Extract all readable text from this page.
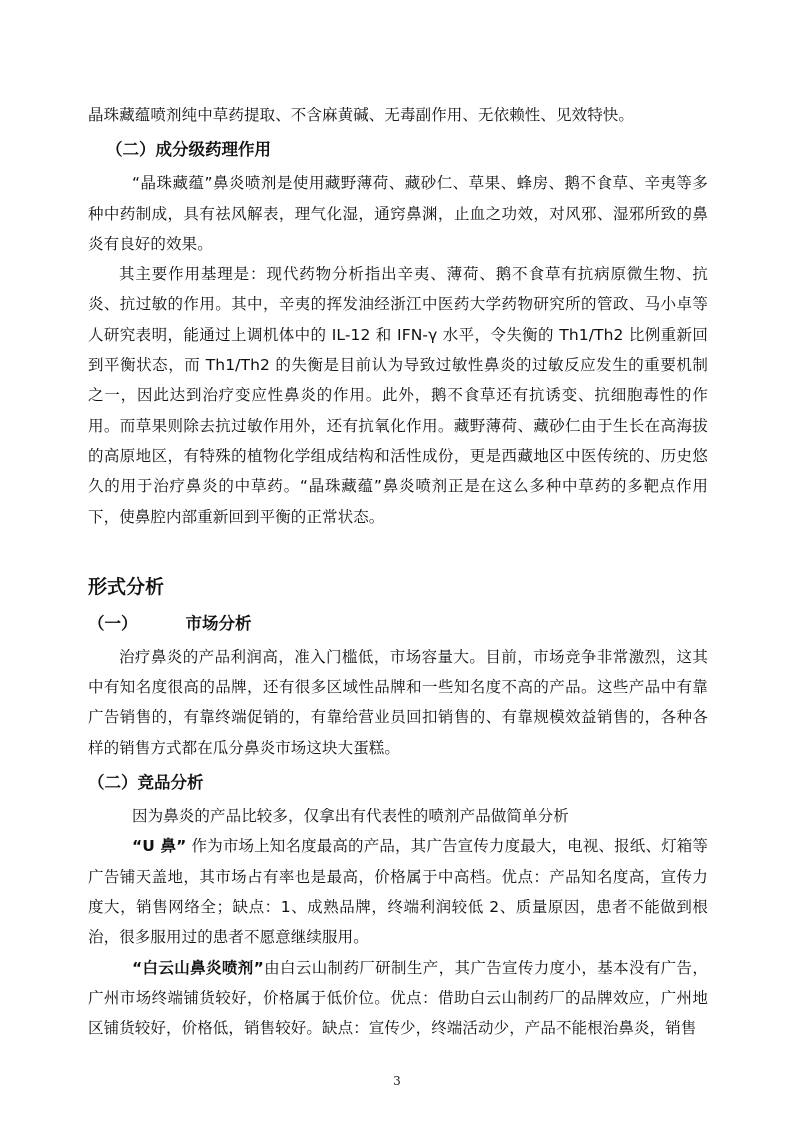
晶珠藏蕴喷剂纯中草药提取、不含麻黄碱、无毒副作用、无依赖性、见效特快。

（二）成分级药理作用

“晶珠藏蕴”鼻炎喷剂是使用藏野薄荷、藏砂仁、草果、蜂房、鹅不食草、辛夷等多种中药制成，具有祛风解表，理气化湿，通窍鼻渊，止血之功效，对风邪、湿邪所致的鼻炎有良好的效果。

其主要作用基理是：现代药物分析指出辛夷、薄荷、鹅不食草有抗病原微生物、抗炎、抗过敏的作用。其中，辛夷的挥发油经浙江中医药大学药物研究所的管政、马小卓等人研究表明，能通过上调机体中的 IL-12 和 IFN-γ 水平，令失衡的 Th1/Th2 比例重新回到平衡状态，而 Th1/Th2 的失衡是目前认为导致过敏性鼻炎的过敏反应发生的重要机制之一，因此达到治疗变应性鼻炎的作用。此外，鹅不食草还有抗诱变、抗细胞毒性的作用。而草果则除去抗过敏作用外，还有抗氧化作用。藏野薄荷、藏砂仁由于生长在高海拔的高原地区，有特殊的植物化学组成结构和活性成份，更是西藏地区中医传统的、历史悠久的用于治疗鼻炎的中草药。“晶珠藏蕴”鼻炎喷剂正是在这么多种中草药的多靶点作用下，使鼻腔内部重新回到平衡的正常状态。

形式分析
（一）	市场分析

治疗鼻炎的产品利润高，准入门槛低，市场容量大。目前，市场竞争非常激烈，这其中有知名度很高的品牌，还有很多区域性品牌和一些知名度不高的产品。这些产品中有靠广告销售的，有靠终端促销的，有靠给营业员回扣销售的、有靠规模效益销售的，各种各样的销售方式都在瓜分鼻炎市场这块大蛋糕。

（二）竞品分析

因为鼻炎的产品比较多，仅拿出有代表性的喷剂产品做简单分析

“U 鼻” 作为市场上知名度最高的产品，其广告宣传力度最大，电视、报纸、灯箱等广告铺天盖地，其市场占有率也是最高，价格属于中高档。优点：产品知名度高，宣传力度大，销售网络全；缺点：1、成熟品牌，终端利润较低 2、质量原因，患者不能做到根治，很多服用过的患者不愿意继续服用。

“白云山鼻炎喷剂”由白云山制药厂研制生产，其广告宣传力度小，基本没有广告，广州市场终端铺货较好，价格属于低价位。优点：借助白云山制药厂的品牌效应，广州地区铺货较好，价格低，销售较好。缺点：宣传少，终端活动少，产品不能根治鼻炎，销售

3
